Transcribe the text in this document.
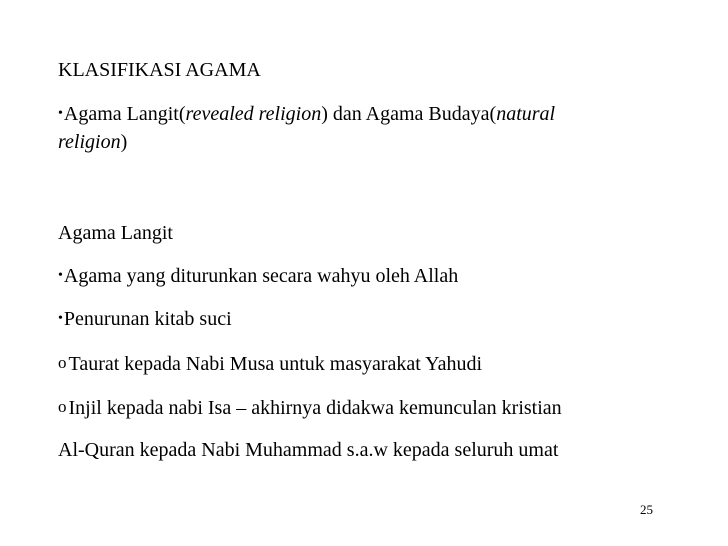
KLASIFIKASI AGAMA
•Agama Langit(revealed religion) dan Agama Budaya(natural
religion)
Agama Langit
•Agama yang diturunkan secara wahyu oleh Allah
•Penurunan kitab suci
o Taurat kepada Nabi Musa untuk masyarakat Yahudi
o Injil kepada nabi Isa – akhirnya didakwa kemunculan kristian
Al-Quran kepada Nabi Muhammad s.a.w kepada seluruh umat
25
